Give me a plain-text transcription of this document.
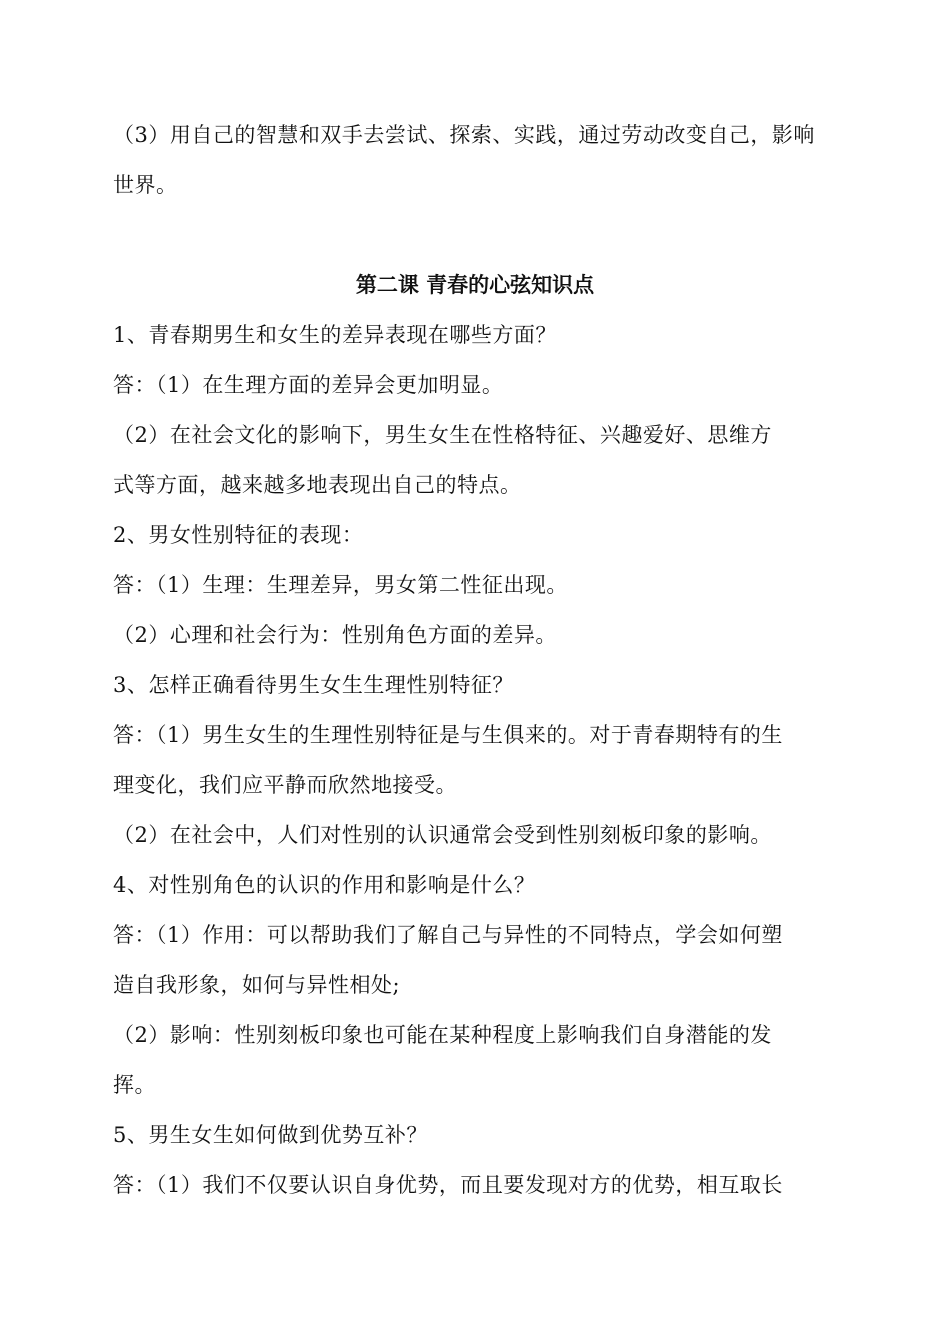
（3）用自己的智慧和双手去尝试、探索、实践，通过劳动改变自己，影响
世界。
第二课 青春的心弦知识点
1、青春期男生和女生的差异表现在哪些方面？
答：（1）在生理方面的差异会更加明显。
（2）在社会文化的影响下，男生女生在性格特征、兴趣爱好、思维方
式等方面，越来越多地表现出自己的特点。
2、男女性别特征的表现：
答：（1）生理：生理差异，男女第二性征出现。
（2）心理和社会行为：性别角色方面的差异。
3、怎样正确看待男生女生生理性别特征？
答：（1）男生女生的生理性别特征是与生俱来的。对于青春期特有的生
理变化，我们应平静而欣然地接受。
（2）在社会中，人们对性别的认识通常会受到性别刻板印象的影响。
4、对性别角色的认识的作用和影响是什么？
答：（1）作用：可以帮助我们了解自己与异性的不同特点，学会如何塑
造自我形象，如何与异性相处;
（2）影响：性别刻板印象也可能在某种程度上影响我们自身潜能的发
挥。
5、男生女生如何做到优势互补？
答：（1）我们不仅要认识自身优势，而且要发现对方的优势，相互取长
